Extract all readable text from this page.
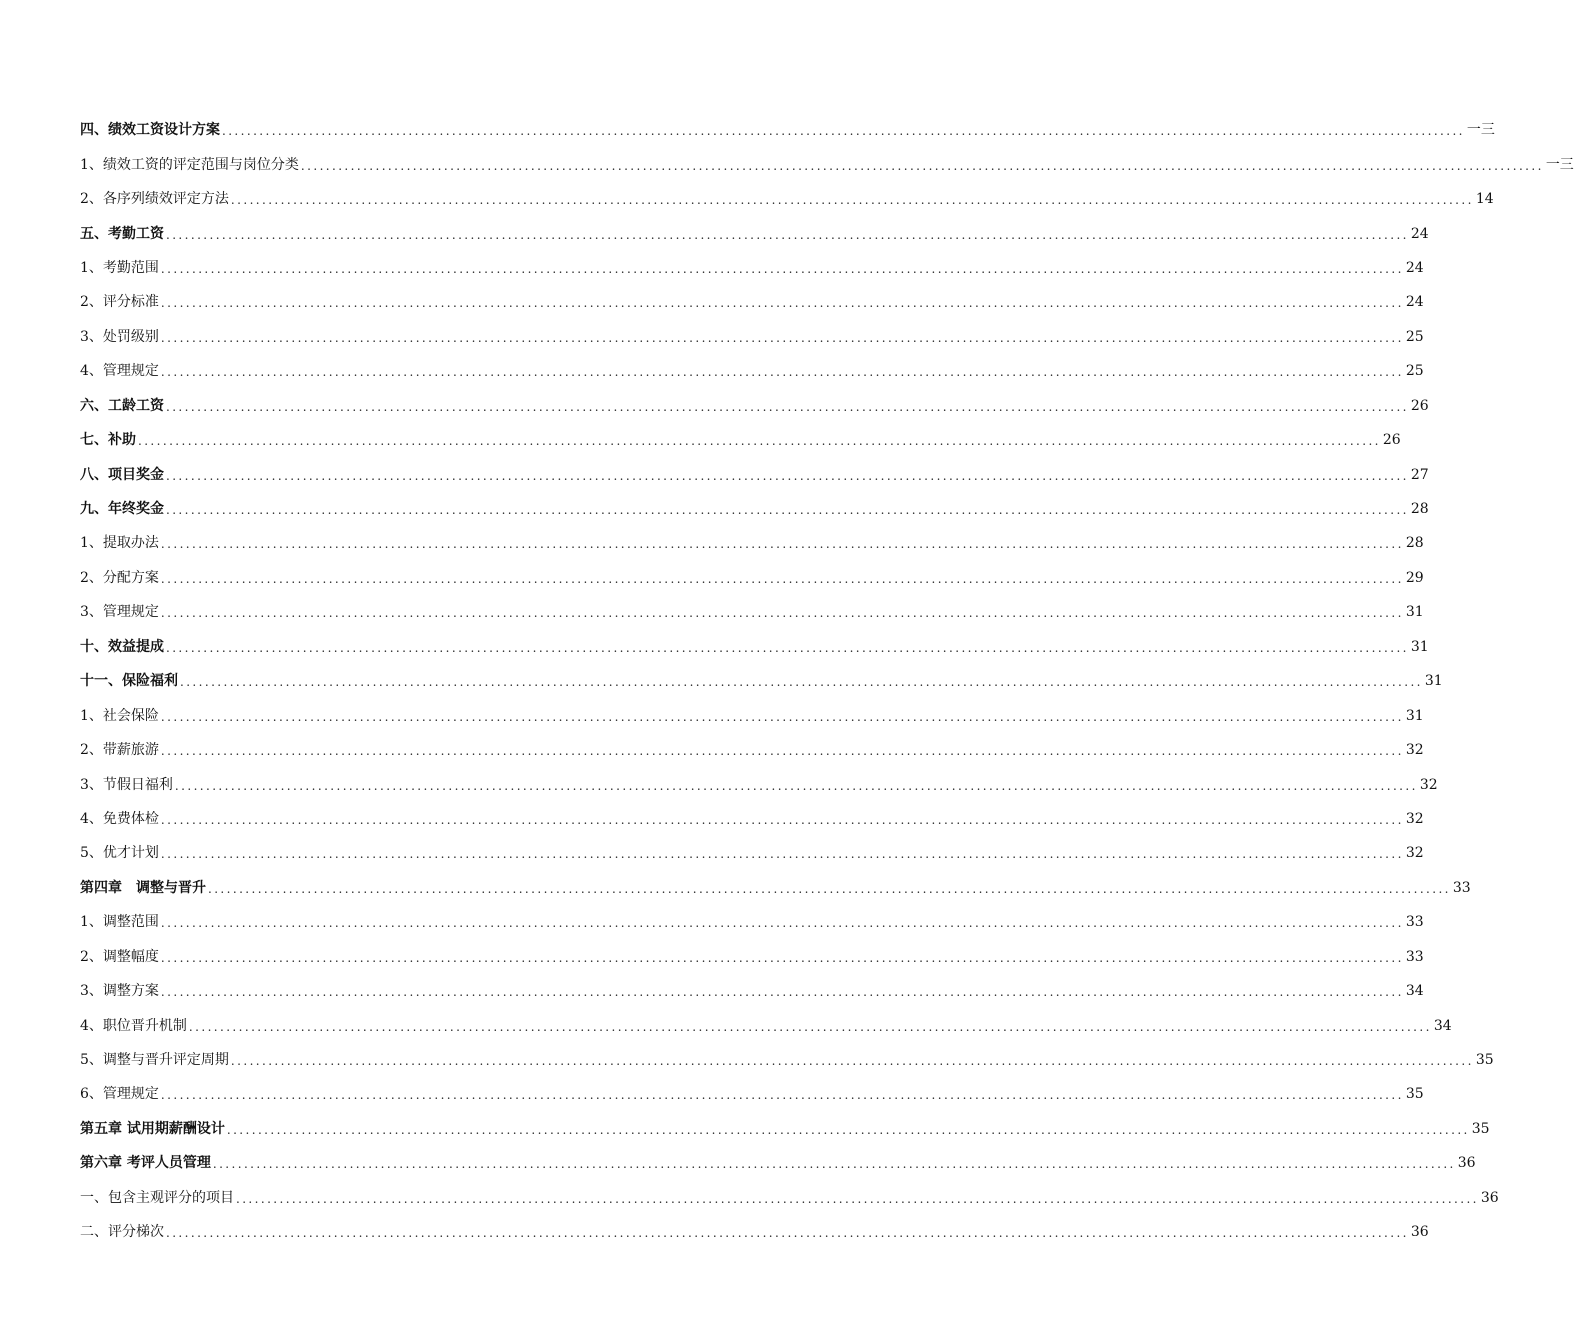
四、绩效工资设计方案 ........................................................................................................................................................................................................ 一三
1、绩效工资的评定范围与岗位分类 ........................................................................................................................................................................................................ 一三
2、各序列绩效评定方法 ........................................................................................................................................................................................................ 14
五、考勤工资 ........................................................................................................................................................................................................ 24
1、考勤范围 ........................................................................................................................................................................................................ 24
2、评分标准 ........................................................................................................................................................................................................ 24
3、处罚级别 ........................................................................................................................................................................................................ 25
4、管理规定 ........................................................................................................................................................................................................ 25
六、工龄工资 ........................................................................................................................................................................................................ 26
七、补助 ........................................................................................................................................................................................................ 26
八、项目奖金 ........................................................................................................................................................................................................ 27
九、年终奖金 ........................................................................................................................................................................................................ 28
1、提取办法 ........................................................................................................................................................................................................ 28
2、分配方案 ........................................................................................................................................................................................................ 29
3、管理规定 ........................................................................................................................................................................................................ 31
十、效益提成 ........................................................................................................................................................................................................ 31
十一、保险福利 ........................................................................................................................................................................................................ 31
1、社会保险 ........................................................................................................................................................................................................ 31
2、带薪旅游 ........................................................................................................................................................................................................ 32
3、节假日福利 ........................................................................................................................................................................................................ 32
4、免费体检 ........................................................................................................................................................................................................ 32
5、优才计划 ........................................................................................................................................................................................................ 32
第四章　调整与晋升 ........................................................................................................................................................................................................ 33
1、调整范围 ........................................................................................................................................................................................................ 33
2、调整幅度 ........................................................................................................................................................................................................ 33
3、调整方案 ........................................................................................................................................................................................................ 34
4、职位晋升机制 ........................................................................................................................................................................................................ 34
5、调整与晋升评定周期 ........................................................................................................................................................................................................ 35
6、管理规定 ........................................................................................................................................................................................................ 35
第五章 试用期薪酬设计 ........................................................................................................................................................................................................ 35
第六章 考评人员管理 ........................................................................................................................................................................................................ 36
一、包含主观评分的项目 ........................................................................................................................................................................................................ 36
二、评分梯次 ........................................................................................................................................................................................................ 36
